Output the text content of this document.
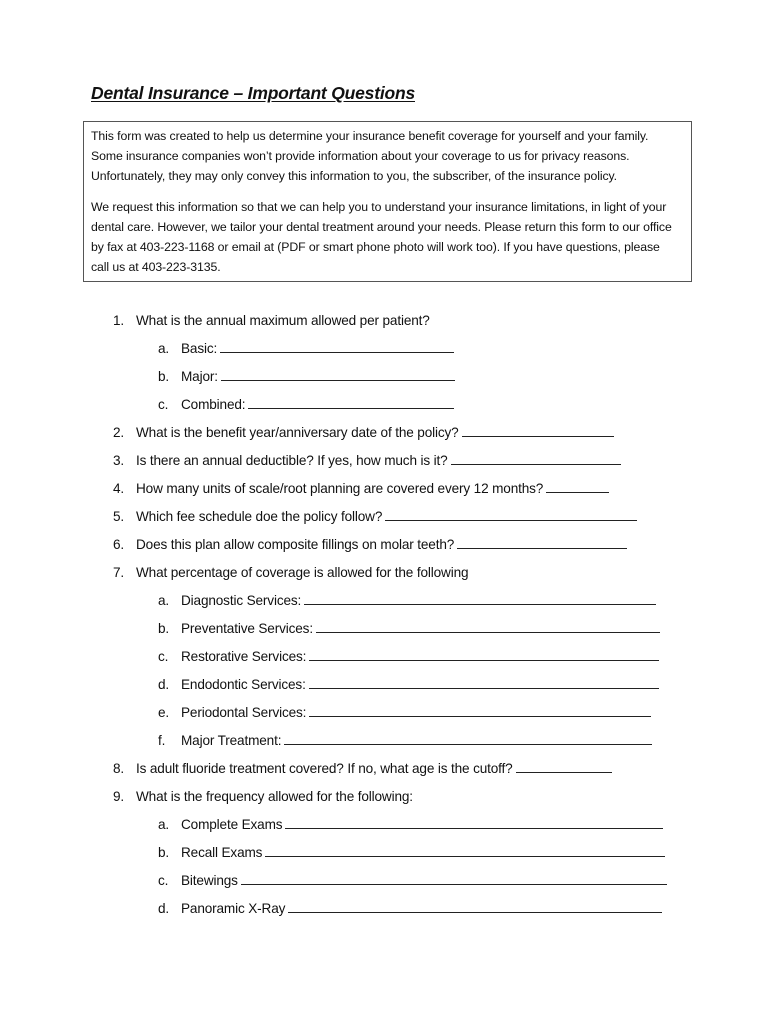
Dental Insurance – Important Questions

This form was created to help us determine your insurance benefit coverage for yourself and your family. Some insurance companies won’t provide information about your coverage to us for privacy reasons. Unfortunately, they may only convey this information to you, the subscriber, of the insurance policy.

We request this information so that we can help you to understand your insurance limitations, in light of your dental care. However, we tailor your dental treatment around your needs. Please return this form to our office by fax at 403-223-1168 or email at (PDF or smart phone photo will work too). If you have questions, please call us at 403-223-3135.

1. What is the annual maximum allowed per patient?
a. Basic:
b. Major:
c. Combined:
2. What is the benefit year/anniversary date of the policy?
3. Is there an annual deductible? If yes, how much is it?
4. How many units of scale/root planning are covered every 12 months?
5. Which fee schedule doe the policy follow?
6. Does this plan allow composite fillings on molar teeth?
7. What percentage of coverage is allowed for the following
a. Diagnostic Services:
b. Preventative Services:
c. Restorative Services:
d. Endodontic Services:
e. Periodontal Services:
f. Major Treatment:
8. Is adult fluoride treatment covered? If no, what age is the cutoff?
9. What is the frequency allowed for the following:
a. Complete Exams
b. Recall Exams
c. Bitewings
d. Panoramic X-Ray
